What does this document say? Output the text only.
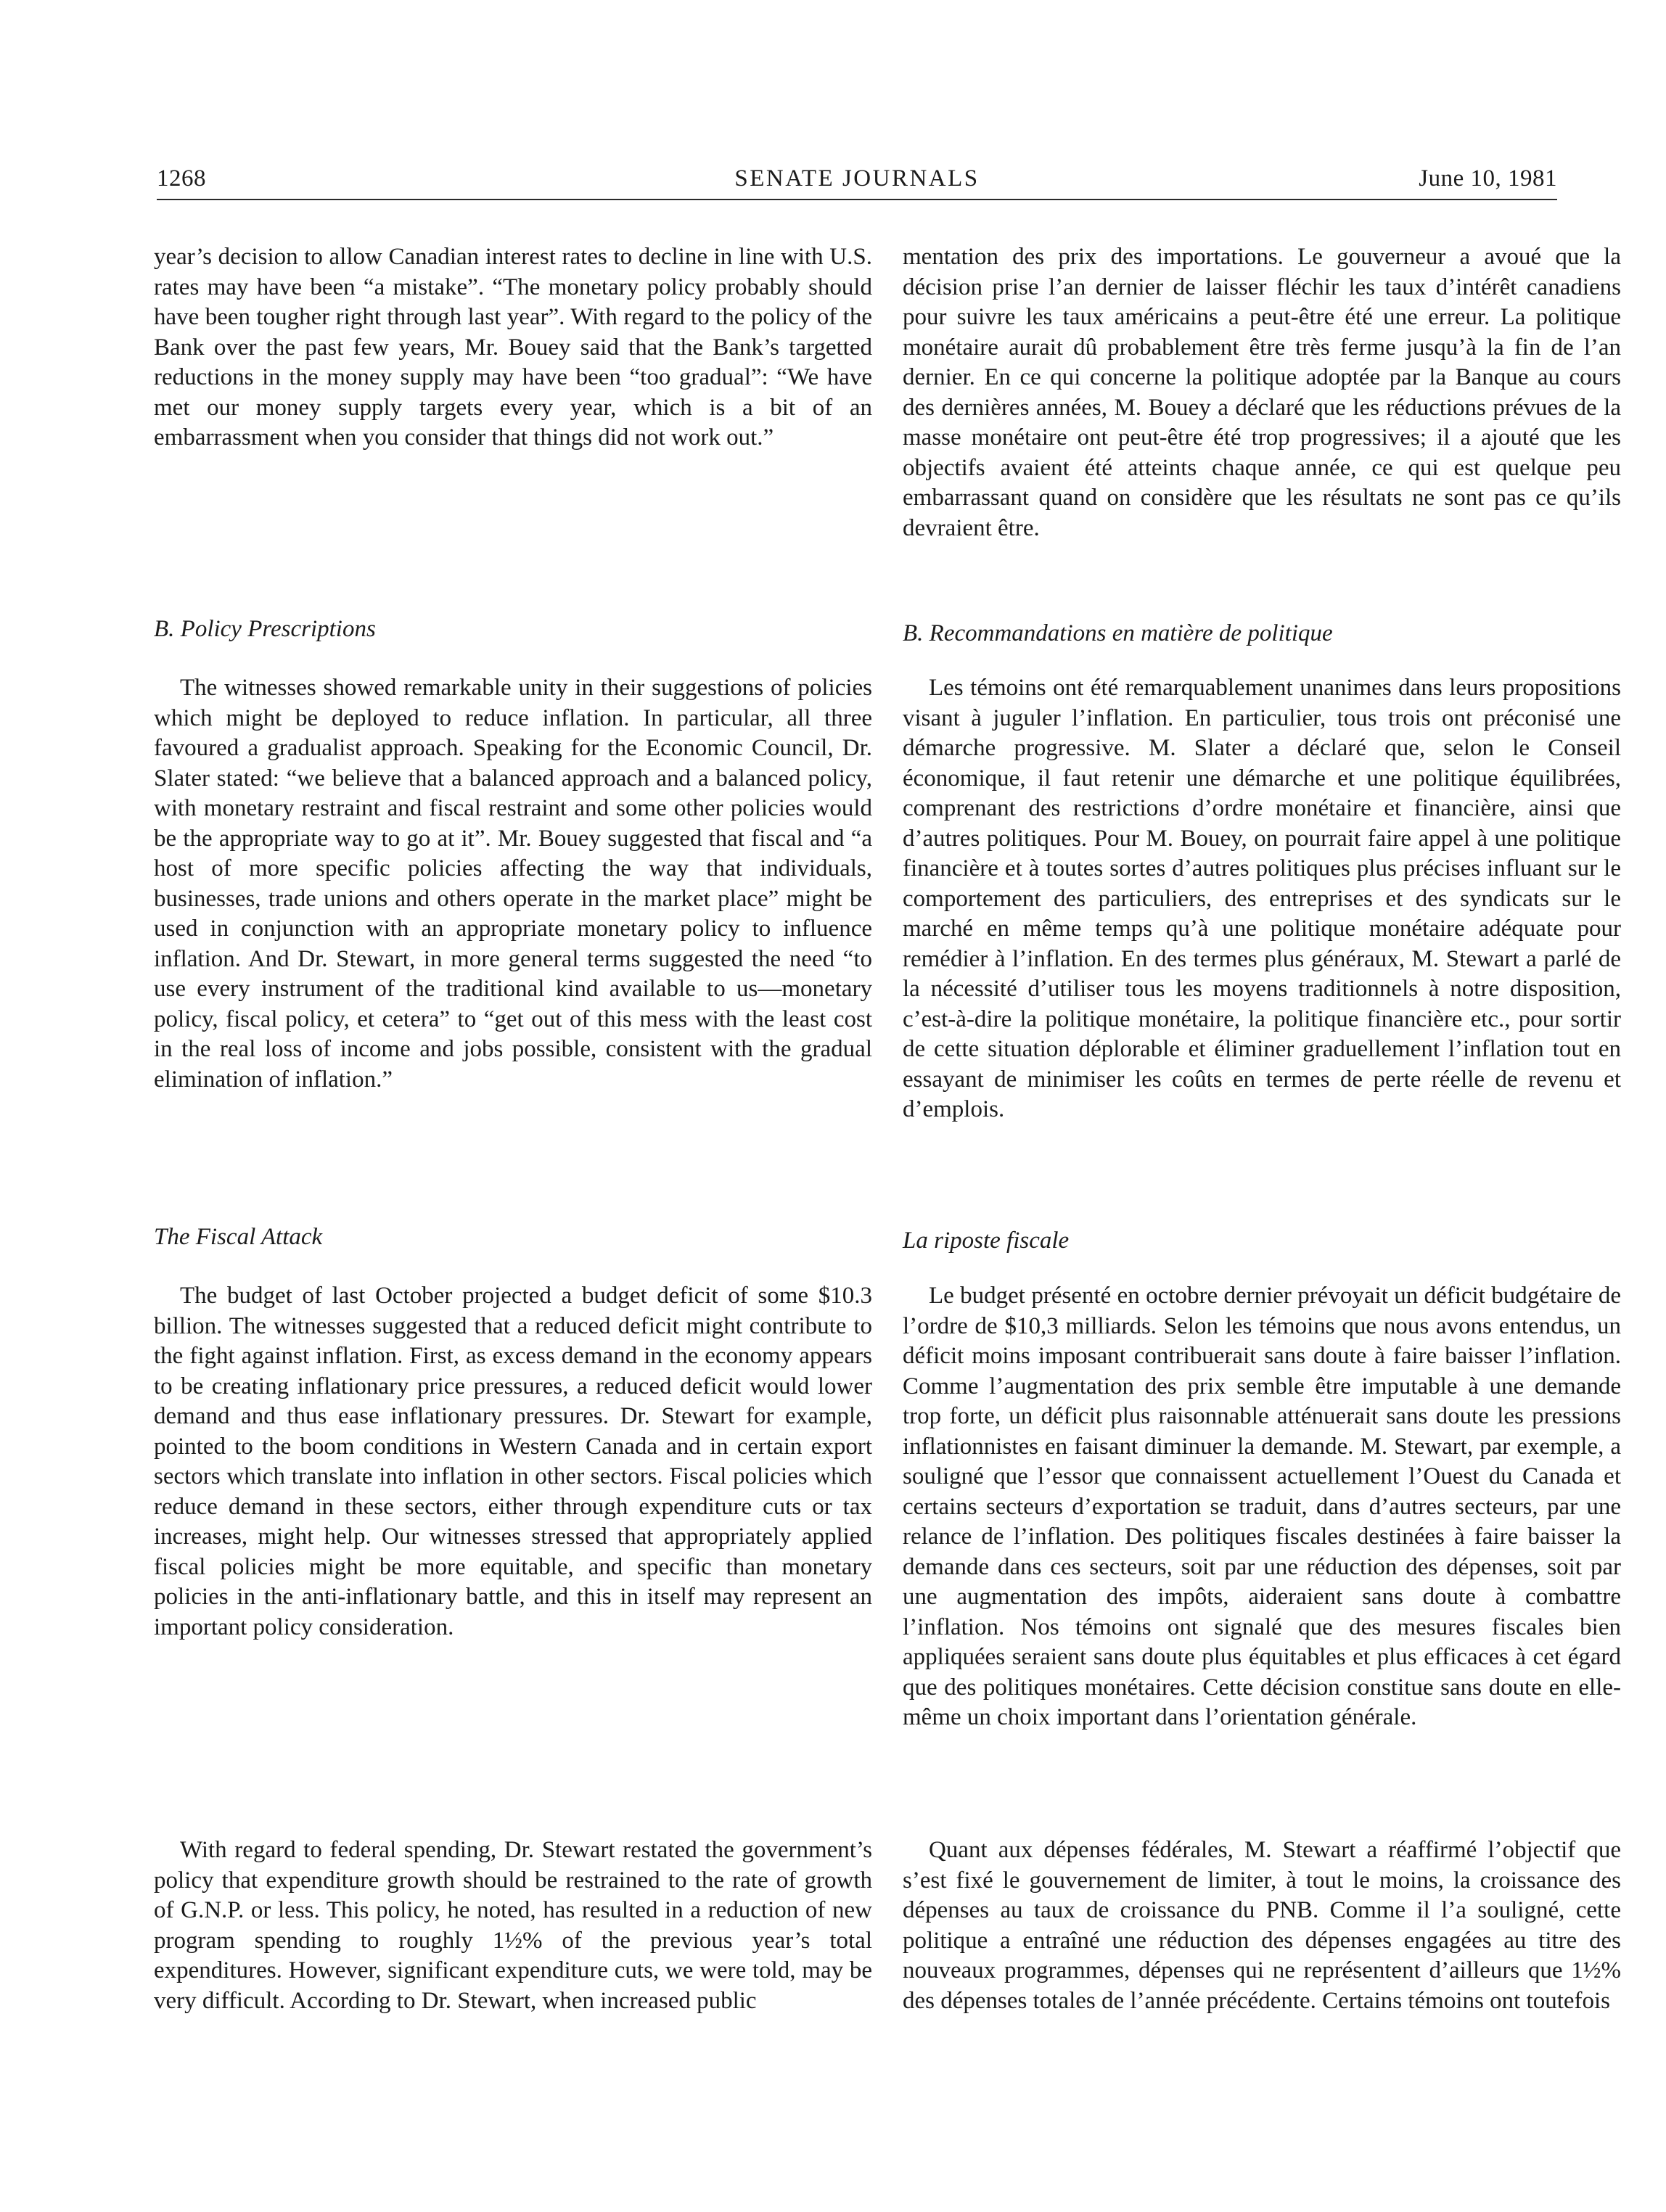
1268	SENATE JOURNALS	June 10, 1981

year’s decision to allow Canadian interest rates to decline in line with U.S. rates may have been “a mistake”. “The monetary policy probably should have been tougher right through last year”. With regard to the policy of the Bank over the past few years, Mr. Bouey said that the Bank’s targetted reductions in the money supply may have been “too gradual”: “We have met our money supply targets every year, which is a bit of an embarrassment when you consider that things did not work out.”

B. Policy Prescriptions

The witnesses showed remarkable unity in their suggestions of policies which might be deployed to reduce inflation. In particular, all three favoured a gradualist approach. Speaking for the Economic Council, Dr. Slater stated: “we believe that a balanced approach and a balanced policy, with monetary restraint and fiscal restraint and some other policies would be the appropriate way to go at it”. Mr. Bouey suggested that fiscal and “a host of more specific policies affecting the way that individuals, businesses, trade unions and others operate in the market place” might be used in conjunction with an appropriate monetary policy to influence inflation. And Dr. Stewart, in more general terms suggested the need “to use every instrument of the traditional kind available to us—monetary policy, fiscal policy, et cetera” to “get out of this mess with the least cost in the real loss of income and jobs possible, consistent with the gradual elimination of inflation.”

The Fiscal Attack

The budget of last October projected a budget deficit of some $10.3 billion. The witnesses suggested that a reduced deficit might contribute to the fight against inflation. First, as excess demand in the economy appears to be creating inflationary price pressures, a reduced deficit would lower demand and thus ease inflationary pressures. Dr. Stewart for example, pointed to the boom conditions in Western Canada and in certain export sectors which translate into inflation in other sectors. Fiscal policies which reduce demand in these sectors, either through expenditure cuts or tax increases, might help. Our witnesses stressed that appropriately applied fiscal policies might be more equitable, and specific than monetary policies in the anti-inflationary battle, and this in itself may represent an important policy consideration.

With regard to federal spending, Dr. Stewart restated the government’s policy that expenditure growth should be restrained to the rate of growth of G.N.P. or less. This policy, he noted, has resulted in a reduction of new program spending to roughly 1½% of the previous year’s total expenditures. However, significant expenditure cuts, we were told, may be very difficult. According to Dr. Stewart, when increased public

mentation des prix des importations. Le gouverneur a avoué que la décision prise l’an dernier de laisser fléchir les taux d’intérêt canadiens pour suivre les taux américains a peut-être été une erreur. La politique monétaire aurait dû probablement être très ferme jusqu’à la fin de l’an dernier. En ce qui concerne la politique adoptée par la Banque au cours des dernières années, M. Bouey a déclaré que les réductions prévues de la masse monétaire ont peut-être été trop progressives; il a ajouté que les objectifs avaient été atteints chaque année, ce qui est quelque peu embarrassant quand on considère que les résultats ne sont pas ce qu’ils devraient être.

B. Recommandations en matière de politique

Les témoins ont été remarquablement unanimes dans leurs propositions visant à juguler l’inflation. En particulier, tous trois ont préconisé une démarche progressive. M. Slater a déclaré que, selon le Conseil économique, il faut retenir une démarche et une politique équilibrées, comprenant des restrictions d’ordre monétaire et financière, ainsi que d’autres politiques. Pour M. Bouey, on pourrait faire appel à une politique financière et à toutes sortes d’autres politiques plus précises influant sur le comportement des particuliers, des entreprises et des syndicats sur le marché en même temps qu’à une politique monétaire adéquate pour remédier à l’inflation. En des termes plus généraux, M. Stewart a parlé de la nécessité d’utiliser tous les moyens traditionnels à notre disposition, c’est-à-dire la politique monétaire, la politique financière etc., pour sortir de cette situation déplorable et éliminer graduellement l’inflation tout en essayant de minimiser les coûts en termes de perte réelle de revenu et d’emplois.

La riposte fiscale

Le budget présenté en octobre dernier prévoyait un déficit budgétaire de l’ordre de $10,3 milliards. Selon les témoins que nous avons entendus, un déficit moins imposant contribuerait sans doute à faire baisser l’inflation. Comme l’augmentation des prix semble être imputable à une demande trop forte, un déficit plus raisonnable atténuerait sans doute les pressions inflationnistes en faisant diminuer la demande. M. Stewart, par exemple, a souligné que l’essor que connaissent actuellement l’Ouest du Canada et certains secteurs d’exportation se traduit, dans d’autres secteurs, par une relance de l’inflation. Des politiques fiscales destinées à faire baisser la demande dans ces secteurs, soit par une réduction des dépenses, soit par une augmentation des impôts, aideraient sans doute à combattre l’inflation. Nos témoins ont signalé que des mesures fiscales bien appliquées seraient sans doute plus équitables et plus efficaces à cet égard que des politiques monétaires. Cette décision constitue sans doute en elle-même un choix important dans l’orientation générale.

Quant aux dépenses fédérales, M. Stewart a réaffirmé l’objectif que s’est fixé le gouvernement de limiter, à tout le moins, la croissance des dépenses au taux de croissance du PNB. Comme il l’a souligné, cette politique a entraîné une réduction des dépenses engagées au titre des nouveaux programmes, dépenses qui ne représentent d’ailleurs que 1½% des dépenses totales de l’année précédente. Certains témoins ont toutefois
